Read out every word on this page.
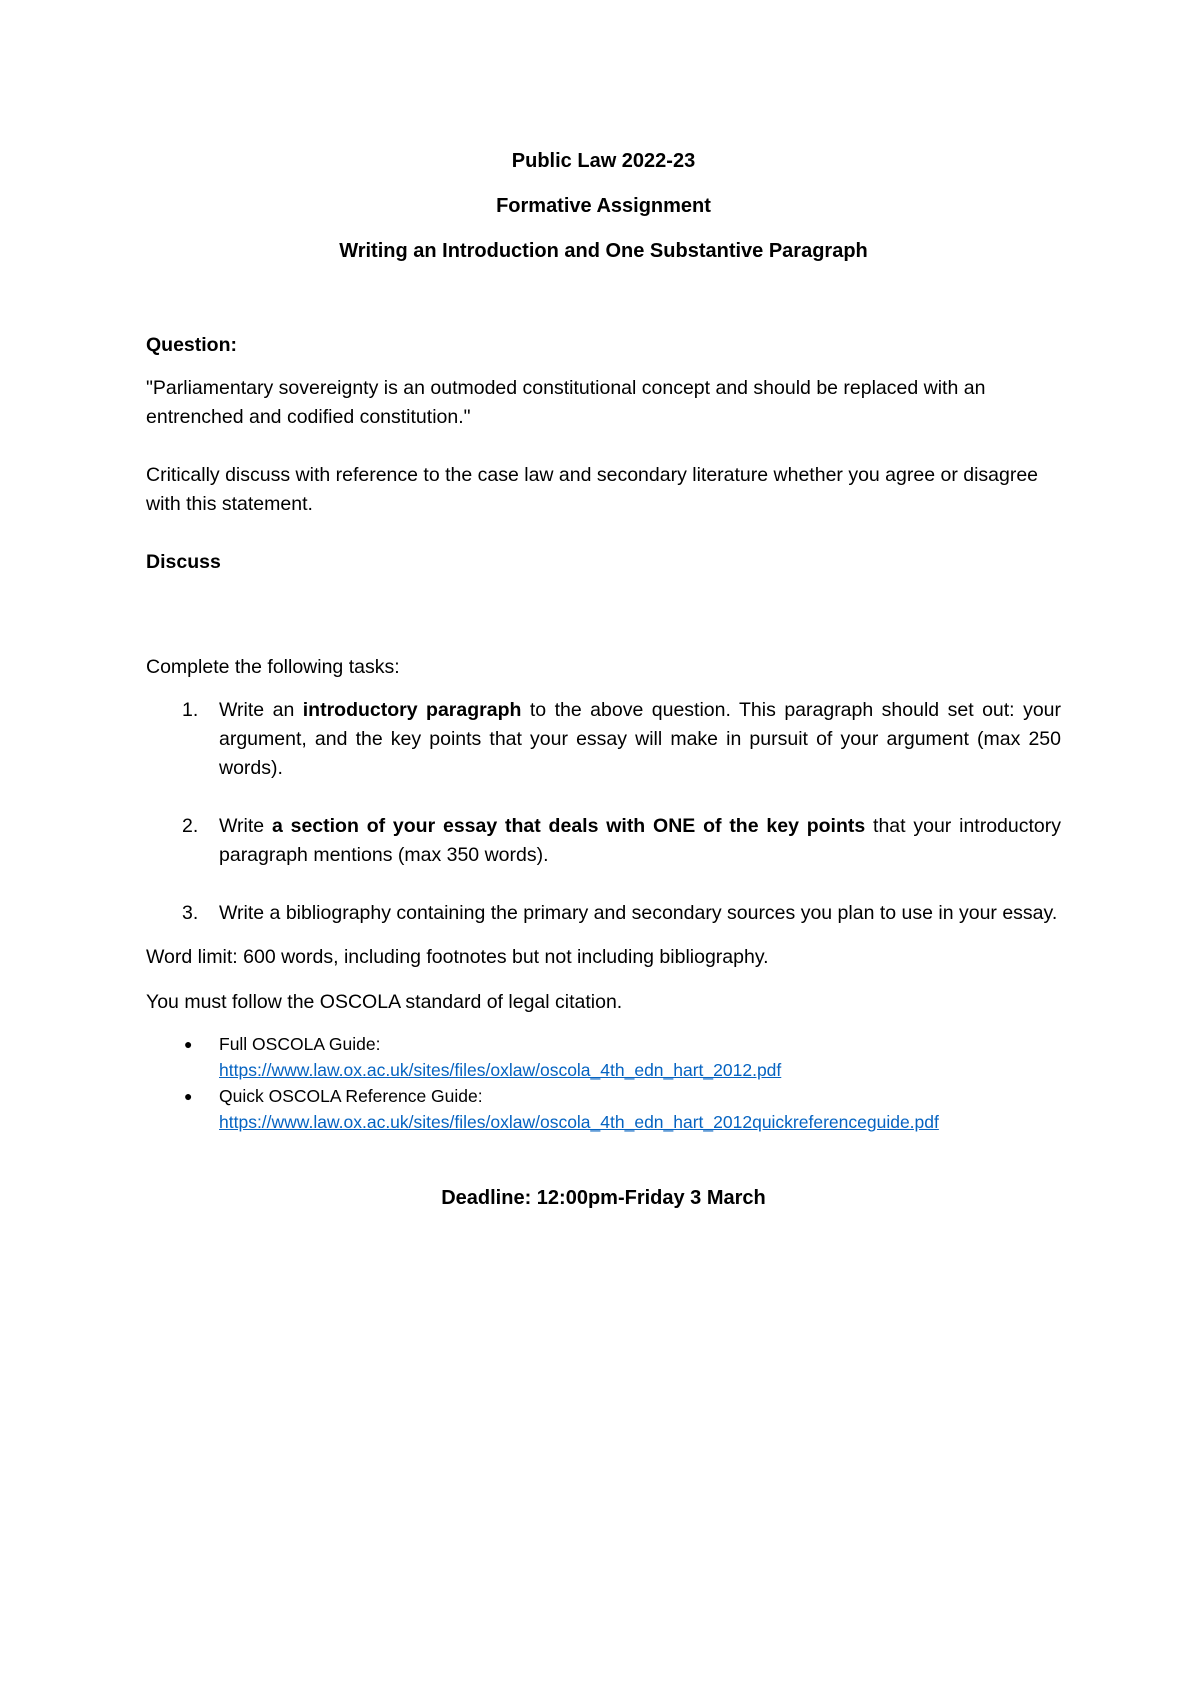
Public Law 2022-23

Formative Assignment

Writing an Introduction and One Substantive Paragraph

Question:

"Parliamentary sovereignty is an outmoded constitutional concept and should be replaced with an entrenched and codified constitution."

Critically discuss with reference to the case law and secondary literature whether you agree or disagree with this statement.

Discuss

Complete the following tasks:

1. Write an introductory paragraph to the above question. This paragraph should set out: your argument, and the key points that your essay will make in pursuit of your argument (max 250 words).
2. Write a section of your essay that deals with ONE of the key points that your introductory paragraph mentions (max 350 words).
3. Write a bibliography containing the primary and secondary sources you plan to use in your essay.

Word limit: 600 words, including footnotes but not including bibliography.

You must follow the OSCOLA standard of legal citation.

● Full OSCOLA Guide:
https://www.law.ox.ac.uk/sites/files/oxlaw/oscola_4th_edn_hart_2012.pdf
● Quick OSCOLA Reference Guide:
https://www.law.ox.ac.uk/sites/files/oxlaw/oscola_4th_edn_hart_2012quickreferenceguide.pdf

Deadline: 12:00pm-Friday 3 March
